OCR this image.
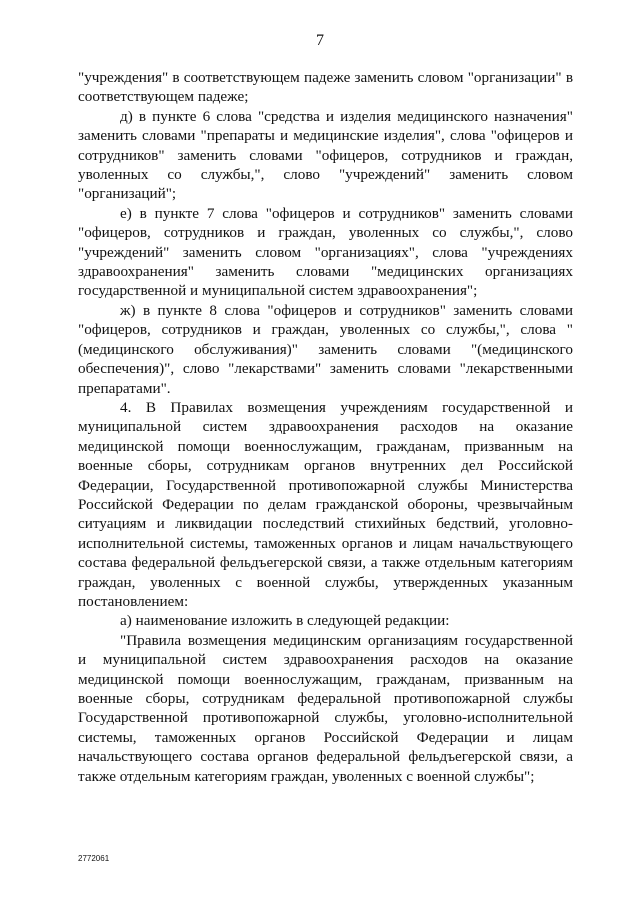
7

"учреждения" в соответствующем падеже заменить словом "организации" в соответствующем падеже;

д) в пункте 6 слова "средства и изделия медицинского назначения" заменить словами "препараты и медицинские изделия", слова "офицеров и сотрудников" заменить словами "офицеров, сотрудников и граждан, уволенных со службы,", слово "учреждений" заменить словом "организаций";

е) в пункте 7 слова "офицеров и сотрудников" заменить словами "офицеров, сотрудников и граждан, уволенных со службы,", слово "учреждений" заменить словом "организациях", слова "учреждениях здравоохранения" заменить словами "медицинских организациях государственной и муниципальной систем здравоохранения";

ж) в пункте 8 слова "офицеров и сотрудников" заменить словами "офицеров, сотрудников и граждан, уволенных со службы,", слова "(медицинского обслуживания)" заменить словами "(медицинского обеспечения)", слово "лекарствами" заменить словами "лекарственными препаратами".

4. В Правилах возмещения учреждениям государственной и муниципальной систем здравоохранения расходов на оказание медицинской помощи военнослужащим, гражданам, призванным на военные сборы, сотрудникам органов внутренних дел Российской Федерации, Государственной противопожарной службы Министерства Российской Федерации по делам гражданской обороны, чрезвычайным ситуациям и ликвидации последствий стихийных бедствий, уголовно-исполнительной системы, таможенных органов и лицам начальствующего состава федеральной фельдъегерской связи, а также отдельным категориям граждан, уволенных с военной службы, утвержденных указанным постановлением:

а) наименование изложить в следующей редакции:

"Правила возмещения медицинским организациям государственной и муниципальной систем здравоохранения расходов на оказание медицинской помощи военнослужащим, гражданам, призванным на военные сборы, сотрудникам федеральной противопожарной службы Государственной противопожарной службы, уголовно-исполнительной системы, таможенных органов Российской Федерации и лицам начальствующего состава органов федеральной фельдъегерской связи, а также отдельным категориям граждан, уволенных с военной службы";

2772061
